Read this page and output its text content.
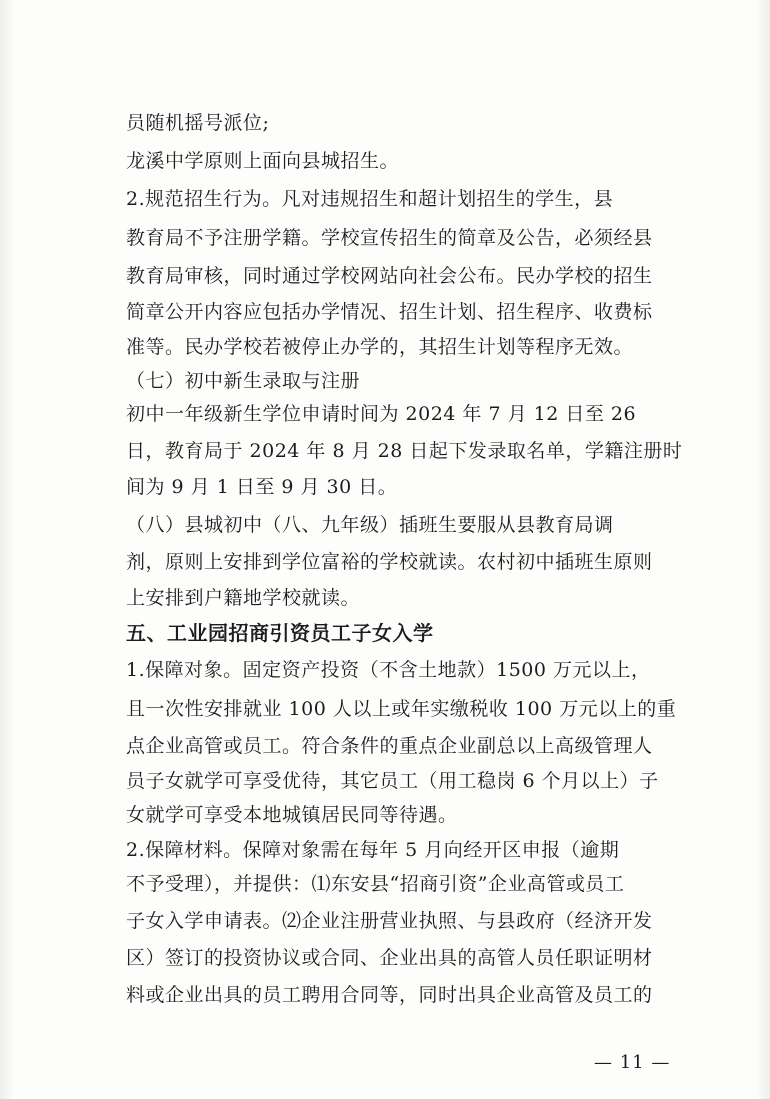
员随机摇号派位;
龙溪中学原则上面向县城招生。
2.规范招生行为。凡对违规招生和超计划招生的学生，县
教育局不予注册学籍。学校宣传招生的简章及公告，必须经县
教育局审核，同时通过学校网站向社会公布。民办学校的招生
简章公开内容应包括办学情况、招生计划、招生程序、收费标
准等。民办学校若被停止办学的，其招生计划等程序无效。
（七）初中新生录取与注册
初中一年级新生学位申请时间为 2024 年 7 月 12 日至 26
日，教育局于 2024 年 8 月 28 日起下发录取名单，学籍注册时
间为 9 月 1 日至 9 月 30 日。
（八）县城初中（八、九年级）插班生要服从县教育局调
剂，原则上安排到学位富裕的学校就读。农村初中插班生原则
上安排到户籍地学校就读。
五、工业园招商引资员工子女入学
1.保障对象。固定资产投资（不含土地款）1500 万元以上，
且一次性安排就业 100 人以上或年实缴税收 100 万元以上的重
点企业高管或员工。符合条件的重点企业副总以上高级管理人
员子女就学可享受优待，其它员工（用工稳岗 6 个月以上）子
女就学可享受本地城镇居民同等待遇。
2.保障材料。保障对象需在每年 5 月向经开区申报（逾期
不予受理），并提供：⑴东安县“招商引资”企业高管或员工
子女入学申请表。⑵企业注册营业执照、与县政府（经济开发
区）签订的投资协议或合同、企业出具的高管人员任职证明材
料或企业出具的员工聘用合同等，同时出具企业高管及员工的
— 11 —
